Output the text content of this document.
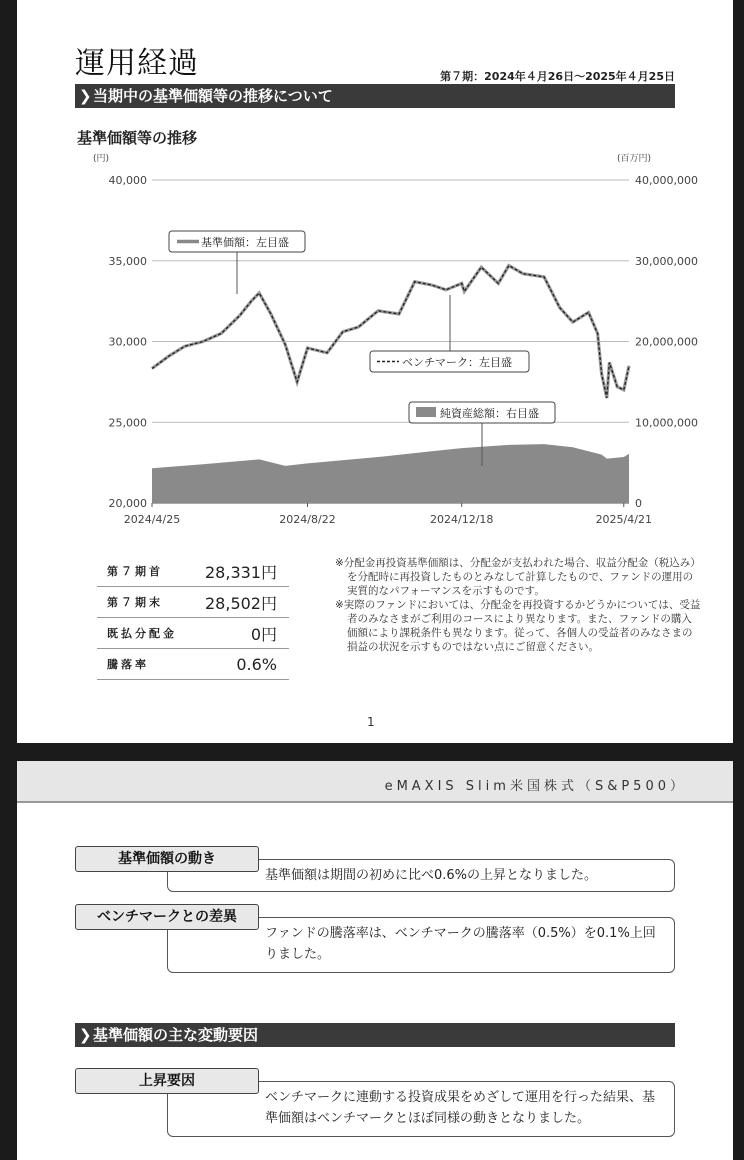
運用経過	第７期：2024年４月26日～2025年４月25日
❯当期中の基準価額等の推移について
基準価額等の推移
40,000
35,000
30,000
25,000
20,000
40,000,000
30,000,000
20,000,000
10,000,000
0
2024/4/25	2024/8/22	2024/12/18	2025/4/21
(円)	(百万円)
基準価額：左目盛
ベンチマーク：左目盛
純資産総額：右目盛
第７期首	28,331円
第７期末	28,502円
既払分配金	0円
騰落率	0.6%

※分配金再投資基準価額は、分配金が支払われた場合、収益分配金（税込み）を分配時に再投資したものとみなして計算したもので、ファンドの運用の実質的なパフォーマンスを示すものです。

※実際のファンドにおいては、分配金を再投資するかどうかについては、受益者のみなさまがご利用のコースにより異なります。また、ファンドの購入価額により課税条件も異なります。従って、各個人の受益者のみなさまの損益の状況を示すものではない点にご留意ください。

1
eMAXIS Slim米国株式（S&P500）
基準価額は期間の初めに比べ0.6%の上昇となりました。
基準価額の動き
ファンドの騰落率は、ベンチマークの騰落率（0.5%）を0.1%上回りました。
ベンチマークとの差異
❯基準価額の主な変動要因
ベンチマークに連動する投資成果をめざして運用を行った結果、基準価額はベンチマークとほぼ同様の動きとなりました。
上昇要因
